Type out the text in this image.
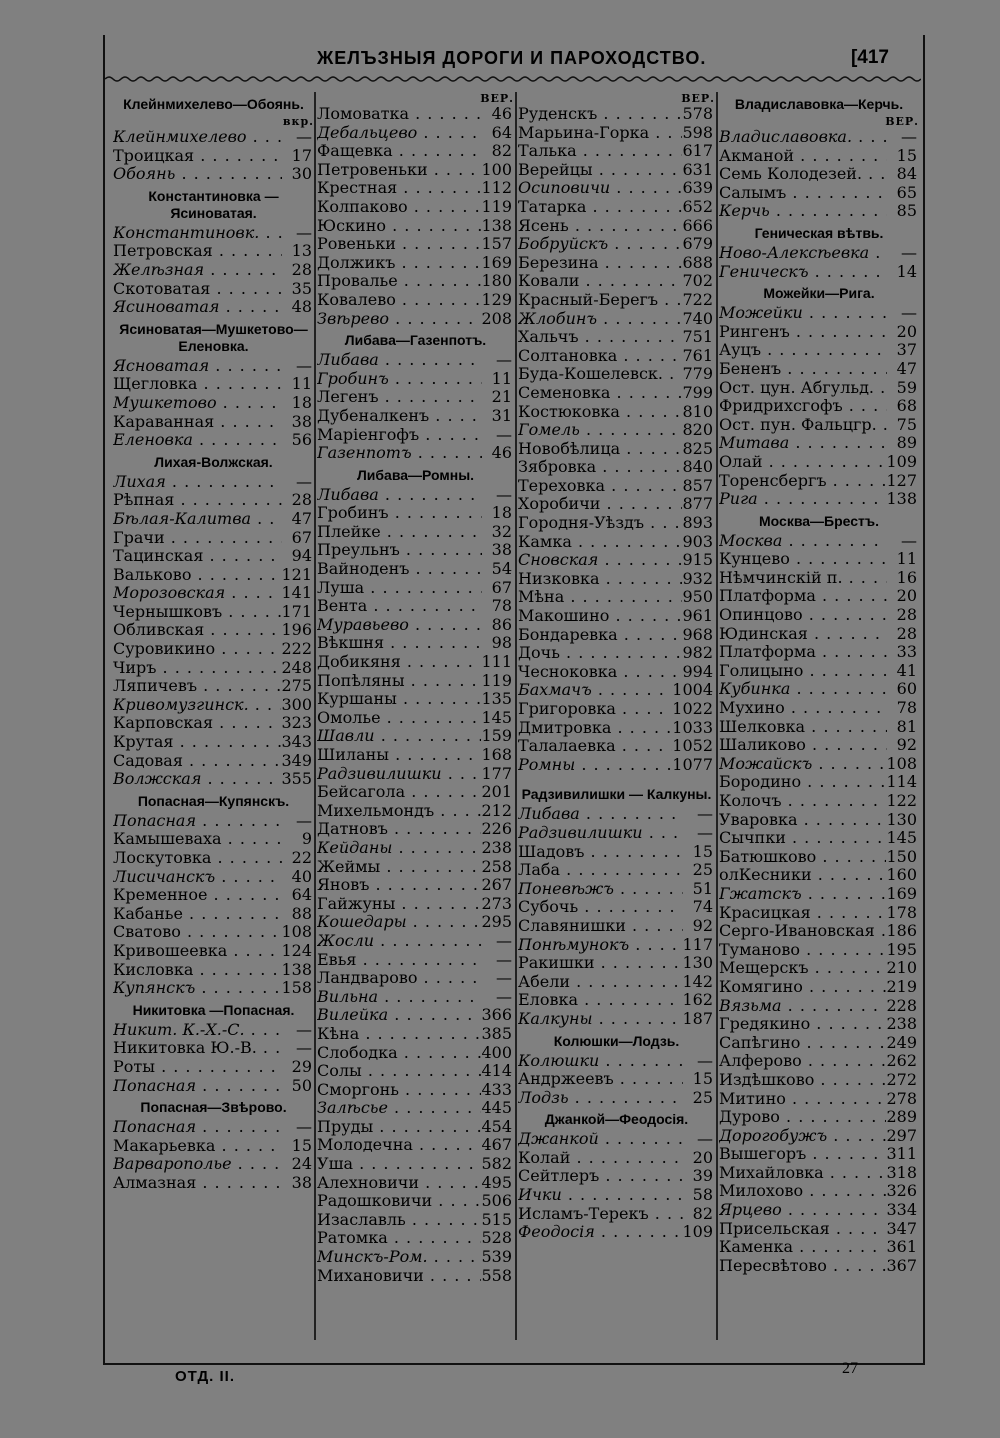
ЖЕЛЪЗНЫЯ ДОРОГИ И ПАРОХОДСТВО.	[417
Клейнмихелево—Обоянь.
вкр.
Клейнмихелево . . .	—
Троицкая . . .	17
Обоянь . . .	30
Константиновка — Ясиноватая.
Константиновк. . . .	—
Петровская . . .	13
Желѣзная . . .	28
Скотоватая . . .	35
Ясиноватая . . .	48
Ясиноватая—Мушкетово—Еленовка.
Ясноватая . . .	—
Щегловка . . .	11
Мушкетово . . .	18
Караванная . . .	38
Еленовка . . .	56
Лихая-Волжская.
Лихая . . .	—
Рѣпная . . .	28
Бѣлая-Калитва . . .	47
Грачи . . .	67
Тацинская . . .	94
Вальково . . .	121
Морозовская . . .	141
Чернышковъ . . .	171
Обливская . . .	196
Суровикино . . .	222
Чиръ . . .	248
Ляпичевъ . . .	275
Кривомузгинск. . . .	300
Карповская . . .	323
Крутая . . .	343
Садовая . . .	349
Волжская . . .	355
Попасная—Купянскъ.
Попасная . . .	—
Камышеваха . . .	9
Лоскутовка . . .	22
Лисичанскъ . . .	40
Кременное . . .	64
Кабанье . . .	88
Сватово . . .	108
Кривошеевка . . .	124
Кисловка . . .	138
Купянскъ . . .	158
Никитовка —Попасная.
Никит. К.-Х.-С. . . .	—
Никитовка Ю.-В. . . .	—
Роты . . .	29
Попасная . . .	50
Попасная—Звѣрово.
Попасная . . .	—
Макарьевка . . .	15
Варваропольe . . .	24
Алмазная . . .	38
ВЕР.
Ломоватка . . .	46
Дебальцево . . .	64
Фащевка . . .	82
Петровеньки . . .	100
Крестная . . .	112
Колпаково . . .	119
Юскино . . .	138
Ровеньки . . .	157
Должикъ . . .	169
Провалье . . .	180
Ковалево . . .	129
Звѣрево . . .	208
Либава—Газенпотъ.
Либава . . .	—
Гробинъ . . .	11
Легенъ . . .	21
Дубеналкенъ . . .	31
Маріенгофъ . . .	—
Газенпотъ . . .	46
Либава—Ромны.
Либава . . .	—
Гробинъ . . .	18
Плейке . . .	32
Преульнъ . . .	38
Вайноденъ . . .	54
Луша . . .	67
Вента . . .	78
Муравьево . . .	86
Вѣкшня . . .	98
Добикяня . . .	111
Попѣляны . . .	119
Куршаны . . .	135
Омолье . . .	145
Шавли . . .	159
Шиланы . . .	168
Радзивилишки . . .	177
Бейсагола . . .	201
Михельмондъ . . .	212
Датновъ . . .	226
Кейданы . . .	238
Жеймы . . .	258
Яновъ . . .	267
Гайжуны . . .	273
Кошедары . . .	295
Жосли . . .	—
Евья . . .	—
Ландварово . . .	—
Вильна . . .	—
Вилейка . . .	366
Кѣна . . .	385
Слободка . . .	400
Солы . . .	414
Сморгонь . . .	433
Залѣсье . . .	445
Пруды . . .	454
Молодечна . . .	467
Уша . . .	582
Алехновичи . . .	495
Радошковичи . . .	506
Изаславль . . .	515
Ратомка . . .	528
Минскъ-Ром. . . .	539
Михановичи . . .	558
ВЕР.
Руденскъ . . .	578
Марьина-Горка . . .	598
Талька . . .	617
Верейцы . . .	631
Осиповичи . . .	639
Татарка . . .	652
Ясень . . .	666
Бобруйскъ . . .	679
Березина . . .	688
Ковали . . .	702
Красный-Берегъ . . .	722
Жлобинъ . . .	740
Хальчъ . . .	751
Солтановка . . .	761
Буда-Кошелевск. . . .	779
Семеновка . . .	799
Костюковка . . .	810
Гомель . . .	820
Новобѣлица . . .	825
Зябровка . . .	840
Тереховка . . .	857
Хоробичи . . .	877
Городня-Уѣздъ . . .	893
Камка . . .	903
Сновская . . .	915
Низковка . . .	932
Мѣна . . .	950
Макошино . . .	961
Бондаревка . . .	968
Дочь . . .	982
Чесноковка . . .	994
Бахмачъ . . .	1004
Григоровка . . .	1022
Дмитровка . . .	1033
Талалаевка . . .	1052
Ромны . . .	1077
Радзивилишки — Калкуны.
Либава . . .	—
Радзивилишки . . .	—
Шадовъ . . .	15
Лаба . . .	25
Поневѣжъ . . .	51
Субочь . . .	74
Славянишки . . .	92
Понѣмунокъ . . .	117
Ракишки . . .	130
Абели . . .	142
Еловка . . .	162
Калкуны . . .	187
Колюшки—Лодзь.
Колюшки . . .	—
Андржеевъ . . .	15
Лодзь . . .	25
Джанкой—Феодосія.
Джанкой . . .	—
Колай . . .	20
Сейтлеръ . . .	39
Ички . . .	58
Исламъ-Терекъ . . .	82
Феодосія . . .	109
Владиславовка—Керчь.
ВЕР.
Владиславовка. . . .	—
Акманой . . .	15
Семь Колодезей. . . .	84
Салымъ . . .	65
Керчь . . .	85
Геническая вѣтвь.
Ново-Алексѣевка . . .	—
Геническъ . . .	14
Можейки—Рига.
Можейки . . .	—
Рингенъ . . .	20
Ауцъ . . .	37
Бененъ . . .	47
Ост. цун. Абгульд. . . .	59
Фридрихсгофъ . . .	68
Ост. пун. Фальцгр. . . .	75
Митава . . .	89
Олай . . .	109
Торенсбергъ . . .	127
Рига . . .	138
Москва—Брестъ.
Москва . . .	—
Кунцево . . .	11
Нѣмчинскій п. . . .	16
Платформа . . .	20
Опинцово . . .	28
Юдинская . . .	28
Платформа . . .	33
Голицыно . . .	41
Кубинка . . .	60
Мухино . . .	78
Шелковка . . .	81
Шаликово . . .	92
Можайскъ . . .	108
Бородино . . .	114
Колочъ . . .	122
Уваровка . . .	130
Сычпки . . .	145
Батюшково . . .	150
олКесники . . .	160
Гжатскъ . . .	169
Красицкая . . .	178
Серго-Ивановская . . . 186
Туманово . . .	195
Мещерскъ . . .	210
Комягино . . .	219
Вязьма . . .	228
Гредякино . . .	238
Сапѣгино . . .	249
Алферово . . .	262
Издѣшково . . .	272
Митино . . .	278
Дурово . . .	289
Дорогобужъ . . .	297
Вышегоръ . . .	311
Михайловка . . .	318
Милохово . . .	326
Ярцево . . .	334
Присельская . . .	347
Каменка . . .	361
Пересвѣтово . . .	367
ОТД. II.	27
